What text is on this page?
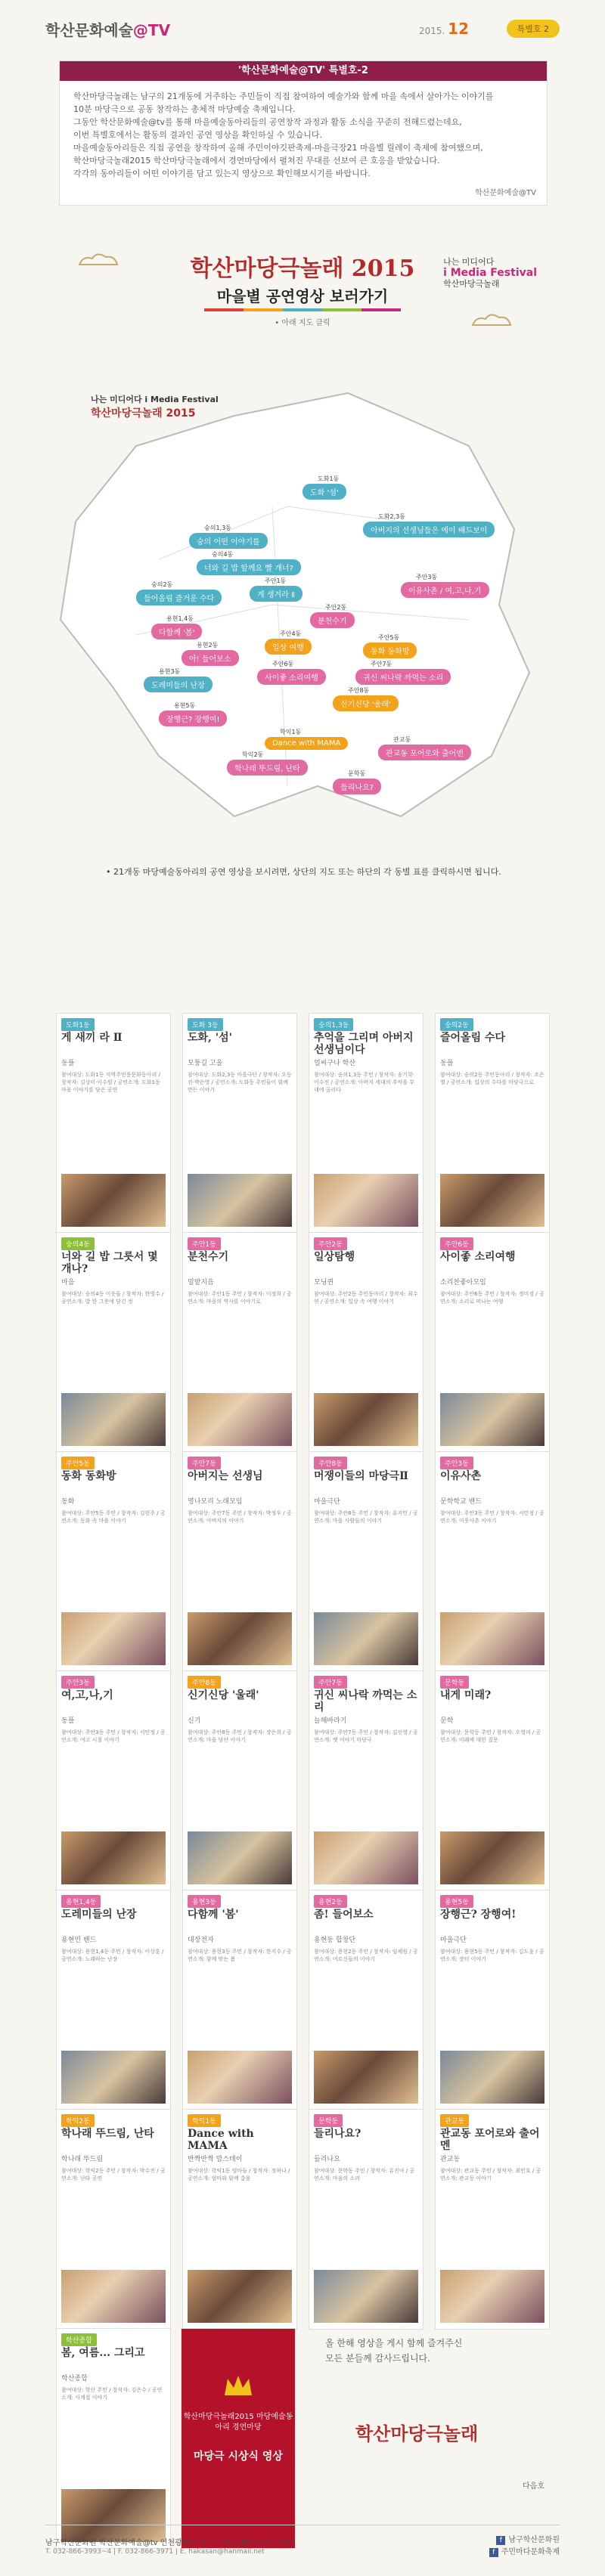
학산문화예술@TV	2015. 12	특별호 2
'학산문화예술@TV' 특별호-2
학산마당극놀래는 남구의 21개동에 거주하는 주민들이 직접 참여하여 예술가와 함께 마을 속에서 살아가는 이야기를
10분 마당극으로 공동 창작하는 총체적 마당예술 축제입니다.
그동안 학산문화예술@tv를 통해 마을예술동아리들의 공연창작 과정과 활동 소식을 꾸준히 전해드렸는데요,
이번 특별호에서는 활동의 결과인 공연 영상을 확인하실 수 있습니다.
마을예술동아리들은 직접 공연을 창작하여 올해 주민이야깃판축제-마을극장21 마을별 릴레이 축제에 참여했으며,
학산마당극놀래2015 학산마당극놀래에서 경연마당에서 펼쳐진 무대를 선보여 큰 호응을 받았습니다.
각각의 동아리들이 어떤 이야기를 담고 있는지 영상으로 확인해보시기를 바랍니다.
학산문화예술@TV
학산마당극놀래 2015
마을별 공연영상 보러가기
• 아래 지도 클릭
나는 미디어다
i Media Festival
학산마당극놀래
나는 미디어다 i Media Festival
학산마당극놀래 2015
도화1동
도화 '섬'
도화2,3동
아버지의 선생님들은 에이 배드보이
숭의1,3동
숭의 어떤 이야기를
숭의4동
너와 길 밥 할께요 빨 걔너?
숭의2동
들어올림 즐거운 수다
용현1,4동
다함께 '봄'
용현2동
아! 들어보소
주안1동
게 생겨라 Ⅱ
주안2동
분천수기
주안3동
이유사촌 / 여,고,나,기
주안4동
일상 여행
주안5동
동화 동화방
주안6동
사이좋 소리여행
주안7동
귀신 씨나락 까먹는 소리
주안8동
신기신당 '울래'
용현3동
도레미들의 난장
용현5동
장행근? 장행여!
학익1동
Dance with MAMA
학익2동
학나래 뚜드림, 난타
관교동
관교동 포어로와 출어멘
문학동
들리나요?
• 21개동 마당예술동아리의 공연 영상을 보시려면, 상단의 지도 또는 하단의 각 동별 표를 클릭하시면 됩니다.
도화1동
게 새끼 라 Ⅱ
동플
참여대상: 도화1동 지역주민풍문화동아리 / 창작자: 김상미·이수원 / 공연소개: 도화1동 마을 이야기를 담은 공연
도화 3동
도화, '섬'
모퉁길 고을
참여대상: 도화2,3동 마을극단 / 창작자: 오동진·박은영 / 공연소개: 도화동 주민들이 함께 만든 이야기
숭의1,3동
추억을 그리며 아버지 선생님이다
얼씨구나 학산
참여대상: 숭의1,3동 주민 / 창작자: 송기학·이수진 / 공연소개: 아버지 세대의 추억을 무대에 올리다
숭의2동
즐어올림 수다
동플
참여대상: 숭의2동 주민동아리 / 창작자: 조은별 / 공연소개: 일상의 수다를 마당극으로
숭의4동
너와 길 밥 그릇서 몇 개나?
마음
참여대상: 숭의4동 이웃들 / 창작자: 한영수 / 공연소개: 밥 한 그릇에 담긴 정
주안1동
분천수기
밀밭지음
참여대상: 주안1동 주민 / 창작자: 이정희 / 공연소개: 마을의 역사를 이야기로
주안2동
일상탐행
모닝퀸
참여대상: 주안2동 주민동아리 / 창작자: 최수연 / 공연소개: 일상 속 여행 이야기
주안6동
사이좋 소리여행
소리찬좋아모임
참여대상: 주안6동 주민 / 창작자: 정미경 / 공연소개: 소리로 떠나는 여행
주안5동
동화 동화방
동화
참여대상: 주안5동 주민 / 창작자: 김현주 / 공연소개: 동화 속 마을 이야기
주안7동
아버지는 선생님
영나모리 노래모임
참여대상: 주안7동 주민 / 창작자: 박정우 / 공연소개: 아버지의 이야기
주안8동
머쟁이들의 마당극Ⅱ
마을극단
참여대상: 주안8동 주민 / 창작자: 유지민 / 공연소개: 마을 사람들의 이야기
주안3동
이유사촌
문학학교 밴드
참여대상: 주안3동 주민 / 창작자: 서민정 / 공연소개: 이웃사촌 이야기
주안3동
여,고,나,기
동플
참여대상: 주안3동 주민 / 창작자: 서민정 / 공연소개: 여고 시절 이야기
주안8동
신기신당 '울래'
신기
참여대상: 주안8동 주민 / 창작자: 장은희 / 공연소개: 마을 당산 이야기
주안7동
귀신 씨나락 까먹는 소리
늘해바라기
참여대상: 주안7동 주민 / 창작자: 김선영 / 공연소개: 옛 이야기 마당극
문학동
내게 미래?
문학
참여대상: 문학동 주민 / 창작자: 오영미 / 공연소개: 미래에 대한 질문
용현1,4동
도레미들의 난장
용현민 밴드
참여대상: 용현1,4동 주민 / 창작자: 이상훈 / 공연소개: 노래하는 난장
용현3동
다함께 '봄'
대장전자
참여대상: 용현3동 주민 / 창작자: 한지수 / 공연소개: 함께 맞는 봄
용현2동
좀! 들어보소
용현동 합창단
참여대상: 용현2동 주민 / 창작자: 임채원 / 공연소개: 어르신들의 이야기
용현5동
장행근? 장행여!
마을극단
참여대상: 용현5동 주민 / 창작자: 김도윤 / 공연소개: 장터 이야기
학익2동
학나래 뚜드림, 난타
학나래 뚜드림
참여대상: 학익2동 주민 / 창작자: 박수진 / 공연소개: 난타 공연
학익1동
Dance with MAMA
반짝반짝 맘스데이
참여대상: 학익1동 엄마들 / 창작자: 정하나 / 공연소개: 엄마와 함께 춤을
문학동
들리나요?
들리나요
참여대상: 문학동 주민 / 창작자: 유진아 / 공연소개: 마음의 소리
관교동
관교동 포어로와 출어멘
관교동
참여대상: 관교동 주민 / 창작자: 최민호 / 공연소개: 관교동 이야기
학산종합
봄, 여름... 그리고
학산종합
참여대상: 학산 주민 / 창작자: 김은수 / 공연소개: 사계절 이야기
학산마당극놀래2015 마당예술동아리 경연마당
마당극 시상식 영상
올 한해 영상을 게시 함께 즐겨주신
모든 분들께 감사드립니다.
학산마당극놀래
다음호
남구학산문화원 학산문화예술@tv 인천광역시 남구 주안로 60 (주안동) 4층
T. 032-866-3993~4 | F. 032-866-3971 | E. hakasan@hanmail.net
f 남구학산문화원
f 주민마다문화축제
